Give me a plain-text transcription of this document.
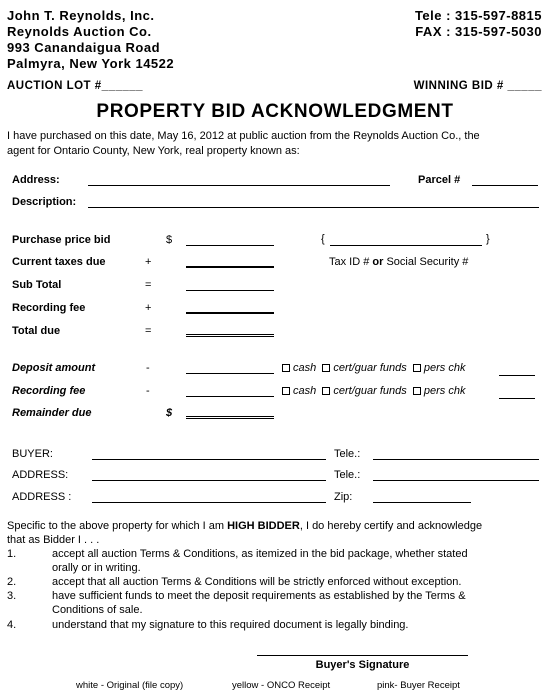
John T. Reynolds, Inc.
Reynolds Auction Co.
993 Canandaigua Road
Palmyra, New York 14522
Tele : 315-597-8815
FAX : 315-597-5030
AUCTION LOT #______	WINNING BID # _____
PROPERTY BID ACKNOWLEDGMENT
I have purchased on this date, May 16, 2012 at public auction from the Reynolds Auction Co., the
agent for Ontario County, New York, real property known as:
Address:	Parcel #
Description:
Purchase price bid	$	{	}
Current taxes due	+	Tax ID # or Social Security #
Sub Total	=
Recording fee	+
Total due	=
Deposit amount	-	cash cert/guar funds pers chk
Recording fee	-	cash cert/guar funds pers chk
Remainder due	$
BUYER:	Tele.:
ADDRESS:	Tele.:
ADDRESS :	Zip:
Specific to the above property for which I am HIGH BIDDER, I do hereby certify and acknowledge
that as Bidder I . . .
1.	accept all auction Terms & Conditions, as itemized in the bid package, whether stated
orally or in writing.
2.	accept that all auction Terms & Conditions will be strictly enforced without exception.
3.	have sufficient funds to meet the deposit requirements as established by the Terms &
Conditions of sale.
4.	understand that my signature to this required document is legally binding.
Buyer's Signature
white - Original (file copy)	yellow - ONCO Receipt	pink- Buyer Receipt
